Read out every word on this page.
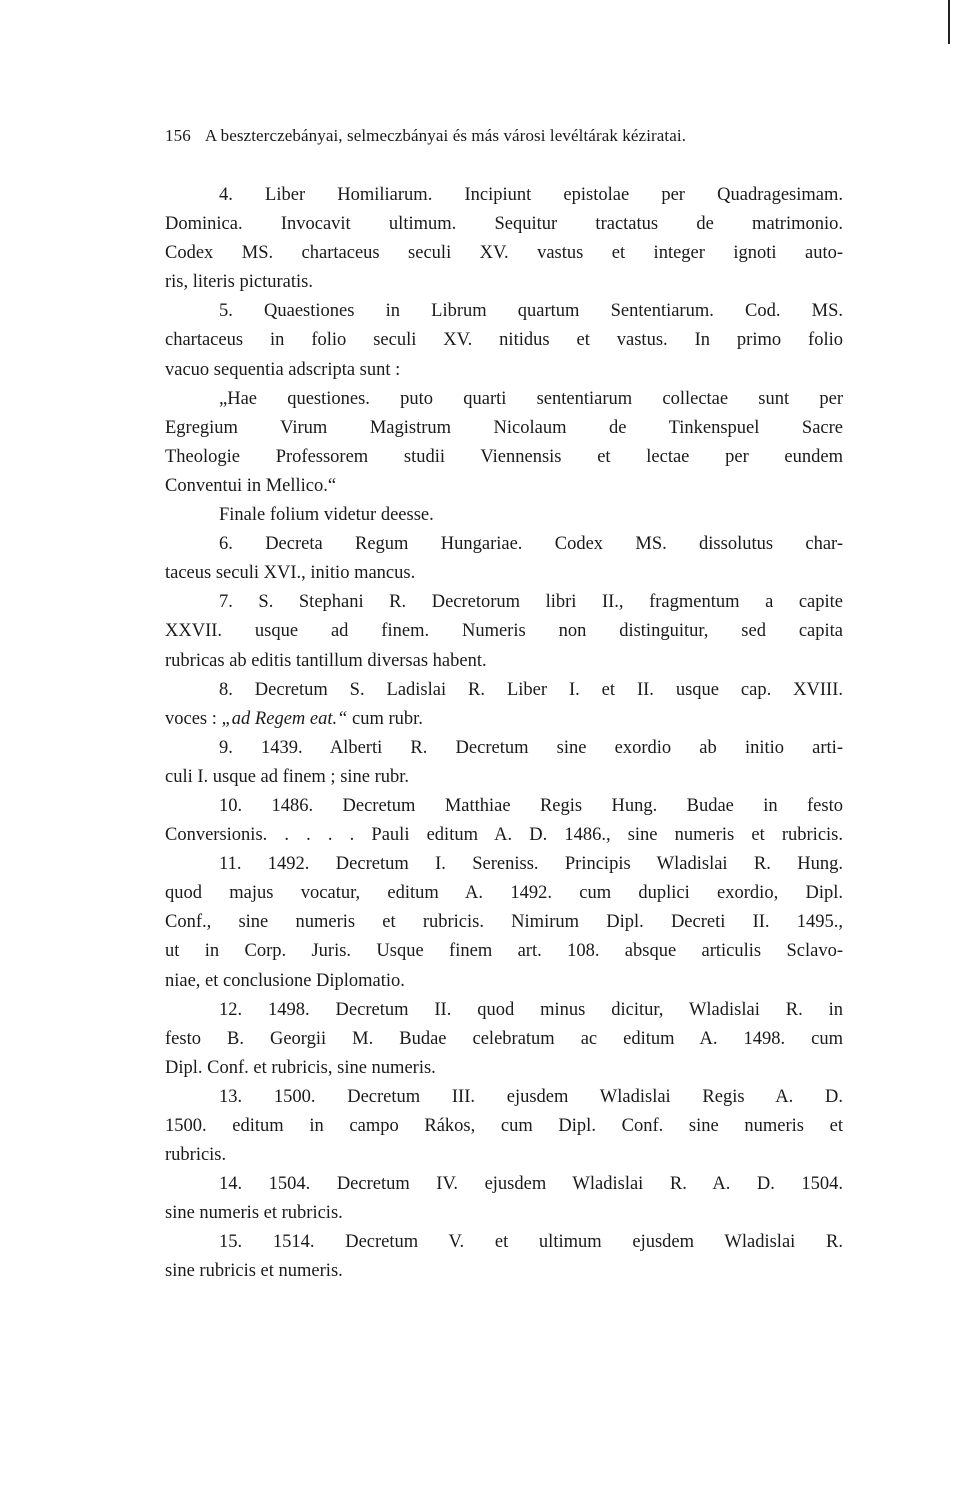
156 A beszterczebányai, selmeczbányai és más városi levéltárak kéziratai.
4. Liber Homiliarum. Incipiunt epistolae per Quadragesimam.
Dominica. Invocavit ultimum. Sequitur tractatus de matrimonio.
Codex MS. chartaceus seculi XV. vastus et integer ignoti auto-
ris, literis picturatis.
5. Quaestiones in Librum quartum Sententiarum. Cod. MS.
chartaceus in folio seculi XV. nitidus et vastus. In primo folio
vacuo sequentia adscripta sunt :
„Hae questiones. puto quarti sententiarum collectae sunt per
Egregium Virum Magistrum Nicolaum de Tinkenspuel Sacre
Theologie Professorem studii Viennensis et lectae per eundem
Conventui in Mellico.“
Finale folium videtur deesse.
6. Decreta Regum Hungariae. Codex MS. dissolutus char-
taceus seculi XVI., initio mancus.
7. S. Stephani R. Decretorum libri II., fragmentum a capite
XXVII. usque ad finem. Numeris non distinguitur, sed capita
rubricas ab editis tantillum diversas habent.
8. Decretum S. Ladislai R. Liber I. et II. usque cap. XVIII.
voces : „ad Regem eat.“ cum rubr.
9. 1439. Alberti R. Decretum sine exordio ab initio arti-
culi I. usque ad finem ; sine rubr.
10. 1486. Decretum Matthiae Regis Hung. Budae in festo
Conversionis. . . . . Pauli editum A. D. 1486., sine numeris et rubricis.
11. 1492. Decretum I. Sereniss. Principis Wladislai R. Hung.
quod majus vocatur, editum A. 1492. cum duplici exordio, Dipl.
Conf., sine numeris et rubricis. Nimirum Dipl. Decreti II. 1495.,
ut in Corp. Juris. Usque finem art. 108. absque articulis Sclavo-
niae, et conclusione Diplomatio.
12. 1498. Decretum II. quod minus dicitur, Wladislai R. in
festo B. Georgii M. Budae celebratum ac editum A. 1498. cum
Dipl. Conf. et rubricis, sine numeris.
13. 1500. Decretum III. ejusdem Wladislai Regis A. D.
1500. editum in campo Rákos, cum Dipl. Conf. sine numeris et
rubricis.
14. 1504. Decretum IV. ejusdem Wladislai R. A. D. 1504.
sine numeris et rubricis.
15. 1514. Decretum V. et ultimum ejusdem Wladislai R.
sine rubricis et numeris.
